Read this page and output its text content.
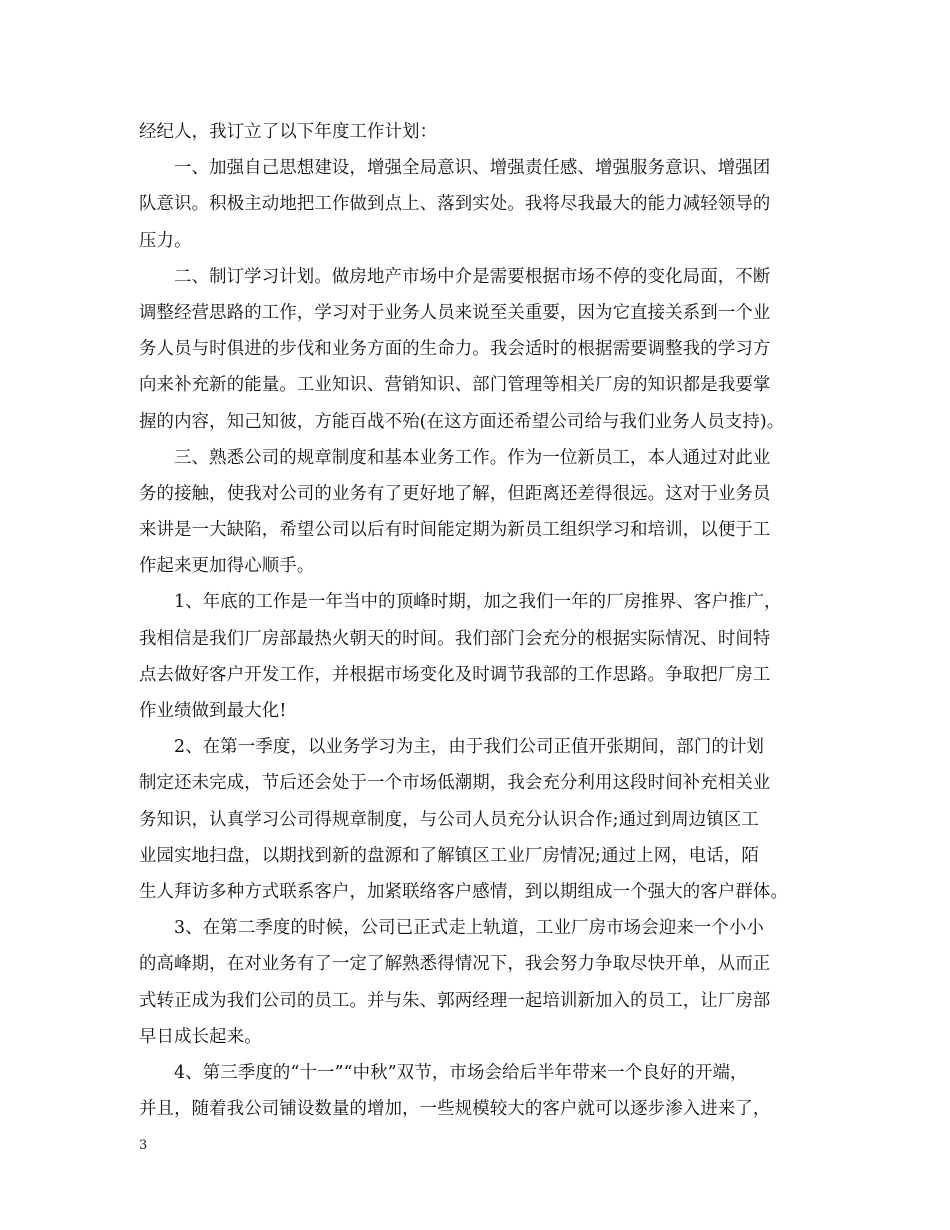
经纪人，我订立了以下年度工作计划：
一、加强自己思想建设，增强全局意识、增强责任感、增强服务意识、增强团
队意识。积极主动地把工作做到点上、落到实处。我将尽我最大的能力减轻领导的
压力。
二、制订学习计划。做房地产市场中介是需要根据市场不停的变化局面，不断
调整经营思路的工作，学习对于业务人员来说至关重要，因为它直接关系到一个业
务人员与时俱进的步伐和业务方面的生命力。我会适时的根据需要调整我的学习方
向来补充新的能量。工业知识、营销知识、部门管理等相关厂房的知识都是我要掌
握的内容，知己知彼，方能百战不殆(在这方面还希望公司给与我们业务人员支持)。
三、熟悉公司的规章制度和基本业务工作。作为一位新员工，本人通过对此业
务的接触，使我对公司的业务有了更好地了解，但距离还差得很远。这对于业务员
来讲是一大缺陷，希望公司以后有时间能定期为新员工组织学习和培训，以便于工
作起来更加得心顺手。
1、年底的工作是一年当中的顶峰时期，加之我们一年的厂房推界、客户推广，
我相信是我们厂房部最热火朝天的时间。我们部门会充分的根据实际情况、时间特
点去做好客户开发工作，并根据市场变化及时调节我部的工作思路。争取把厂房工
作业绩做到最大化!
2、在第一季度，以业务学习为主，由于我们公司正值开张期间，部门的计划
制定还未完成，节后还会处于一个市场低潮期，我会充分利用这段时间补充相关业
务知识，认真学习公司得规章制度，与公司人员充分认识合作;通过到周边镇区工
业园实地扫盘，以期找到新的盘源和了解镇区工业厂房情况;通过上网，电话，陌
生人拜访多种方式联系客户，加紧联络客户感情，到以期组成一个强大的客户群体。
3、在第二季度的时候，公司已正式走上轨道，工业厂房市场会迎来一个小小
的高峰期，在对业务有了一定了解熟悉得情况下，我会努力争取尽快开单，从而正
式转正成为我们公司的员工。并与朱、郭两经理一起培训新加入的员工，让厂房部
早日成长起来。
4、第三季度的“十一”“中秋”双节，市场会给后半年带来一个良好的开端，
并且，随着我公司铺设数量的增加，一些规模较大的客户就可以逐步渗入进来了，
3
